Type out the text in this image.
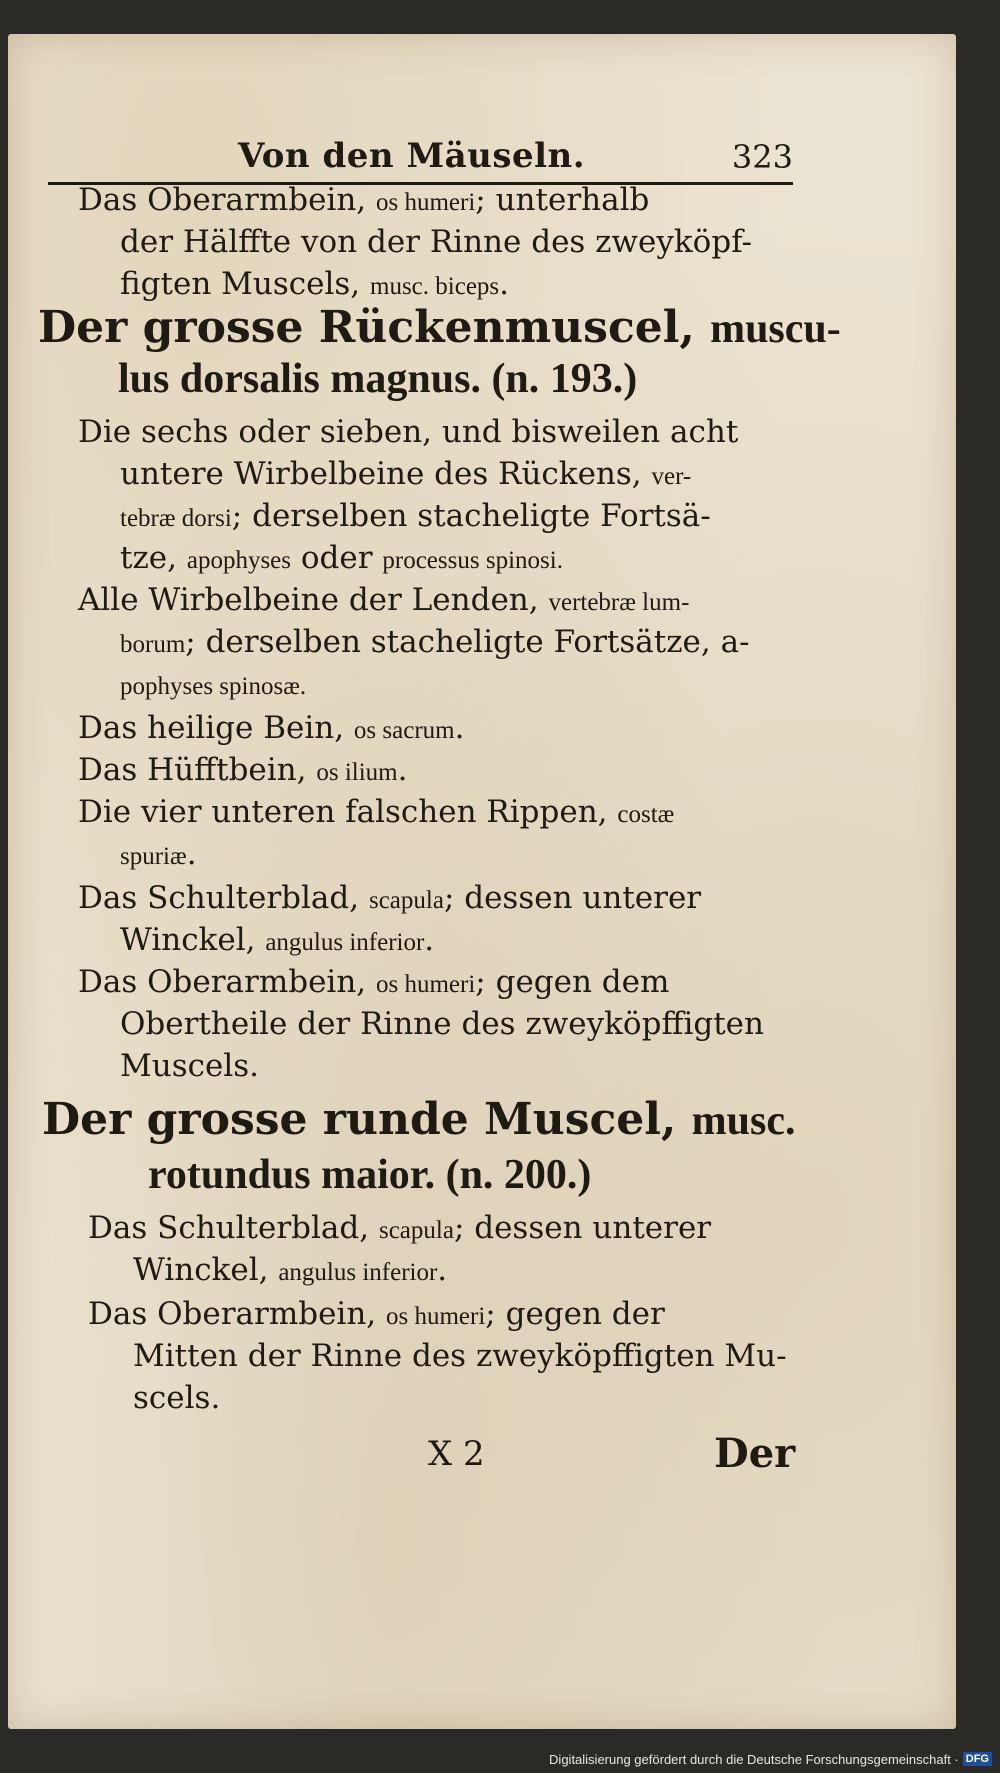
Von den Mäuseln.	323
Das Oberarmbein, os humeri; unterhalb
der Hälffte von der Rinne des zweyköpf-
figten Muscels, musc. biceps.
Der grosse Rückenmuscel, muscu-
lus dorsalis magnus. (n. 193.)
Die sechs oder sieben, und bisweilen acht
untere Wirbelbeine des Rückens, ver-
tebræ dorsi; derselben stacheligte Fortsä-
tze, apophyses oder processus spinosi.
Alle Wirbelbeine der Lenden, vertebræ lum-
borum; derselben stacheligte Fortsätze, a-
pophyses spinosæ.
Das heilige Bein, os sacrum.
Das Hüfftbein, os ilium.
Die vier unteren falschen Rippen, costæ
spuriæ.
Das Schulterblad, scapula; dessen unterer
Winckel, angulus inferior.
Das Oberarmbein, os humeri; gegen dem
Obertheile der Rinne des zweyköpffigten
Muscels.
Der grosse runde Muscel, musc.
rotundus maior. (n. 200.)
Das Schulterblad, scapula; dessen unterer
Winckel, angulus inferior.
Das Oberarmbein, os humeri; gegen der
Mitten der Rinne des zweyköpffigten Mu-
scels.
X 2	Der
Digitalisierung gefördert durch die Deutsche Forschungsgemeinschaft · DFG
